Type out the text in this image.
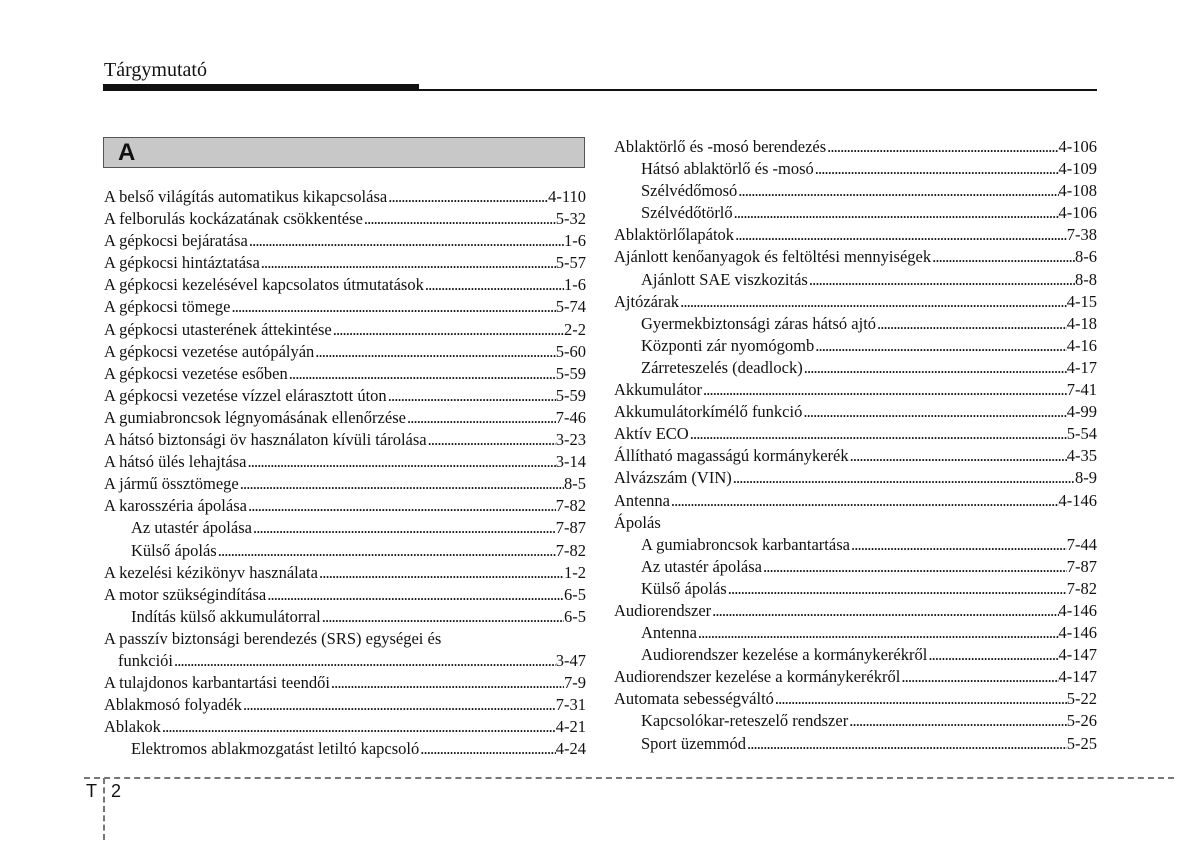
Tárgymutató
A
A belső világítás automatikus kikapcsolása . . .	4-110
A felborulás kockázatának csökkentése . . .	5-32
A gépkocsi bejáratása . . .	1-6
A gépkocsi hintáztatása . . .	5-57
A gépkocsi kezelésével kapcsolatos útmutatások . . .	1-6
A gépkocsi tömege . . .	5-74
A gépkocsi utasterének áttekintése . . .	2-2
A gépkocsi vezetése autópályán . . .	5-60
A gépkocsi vezetése esőben . . .	5-59
A gépkocsi vezetése vízzel elárasztott úton . . .	5-59
A gumiabroncsok légnyomásának ellenőrzése . . .	7-46
A hátsó biztonsági öv használaton kívüli tárolása . . .	3-23
A hátsó ülés lehajtása . . .	3-14
A jármű össztömege . . .	8-5
A karosszéria ápolása . . .	7-82
Az utastér ápolása . . .	7-87
Külső ápolás . . .	7-82
A kezelési kézikönyv használata . . .	1-2
A motor szükségindítása . . .	6-5
Indítás külső akkumulátorral . . .	6-5
A passzív biztonsági berendezés (SRS) egységei és
funkciói . . .	3-47
A tulajdonos karbantartási teendői . . .	7-9
Ablakmosó folyadék . . .	7-31
Ablakok . . .	4-21
Elektromos ablakmozgatást letiltó kapcsoló . . .	4-24
Ablaktörlő és -mosó berendezés . . .	4-106
Hátsó ablaktörlő és -mosó . . .	4-109
Szélvédőmosó . . .	4-108
Szélvédőtörlő . . .	4-106
Ablaktörlőlapátok . . .	7-38
Ajánlott kenőanyagok és feltöltési mennyiségek . . .	8-6
Ajánlott SAE viszkozitás . . .	8-8
Ajtózárak . . .	4-15
Gyermekbiztonsági záras hátsó ajtó . . .	4-18
Központi zár nyomógomb . . .	4-16
Zárreteszelés (deadlock) . . .	4-17
Akkumulátor . . .	7-41
Akkumulátorkímélő funkció . . .	4-99
Aktív ECO . . .	5-54
Állítható magasságú kormánykerék . . .	4-35
Alvázszám (VIN) . . .	8-9
Antenna . . .	4-146
Ápolás
A gumiabroncsok karbantartása . . .	7-44
Az utastér ápolása . . .	7-87
Külső ápolás . . .	7-82
Audiorendszer . . .	4-146
Antenna . . .	4-146
Audiorendszer kezelése a kormánykerékről . . .	4-147
Audiorendszer kezelése a kormánykerékről . . .	4-147
Automata sebességváltó . . .	5-22
Kapcsolókar-reteszelő rendszer . . .	5-26
Sport üzemmód . . .	5-25
T 2
